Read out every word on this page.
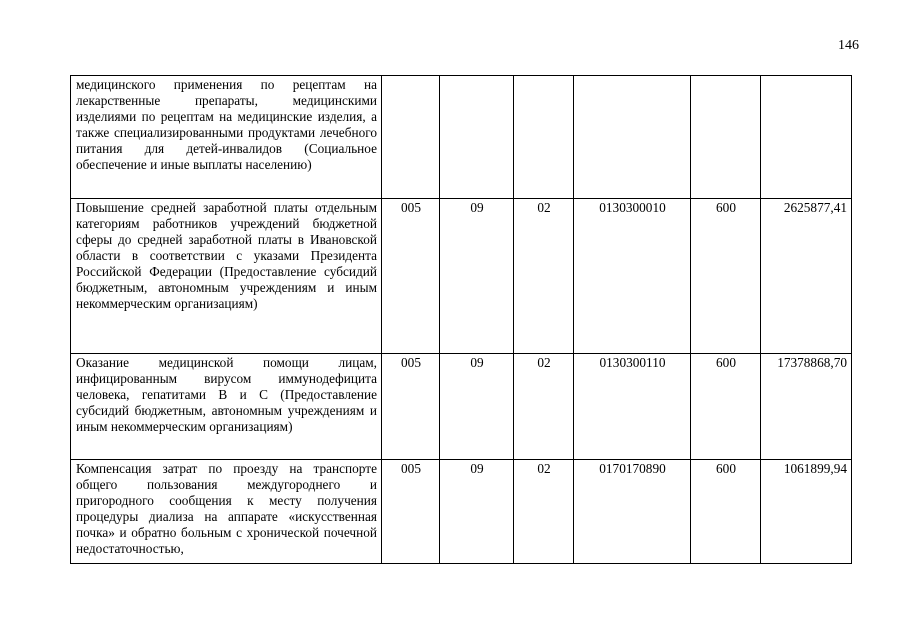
146
медицинского применения по рецептам на лекарственные препараты, медицинскими изделиями по рецептам на медицинские изделия, а также специализированными продуктами лечебного питания для детей-инвалидов (Социальное обеспечение и иные выплаты населению)						
Повышение средней заработной платы отдельным категориям работников учреждений бюджетной сферы до средней заработной платы в Ивановской области в соответствии с указами Президента Российской Федерации (Предоставление субсидий бюджетным, автономным учреждениям и иным некоммерческим организациям)	005	09	02	0130300010	600	2625877,41
Оказание медицинской помощи лицам, инфицированным вирусом иммунодефицита человека, гепатитами В и С (Предоставление субсидий бюджетным, автономным учреждениям и иным некоммерческим организациям)	005	09	02	0130300110	600	17378868,70
Компенсация затрат по проезду на транспорте общего пользования междугороднего и пригородного сообщения к месту получения процедуры диализа на аппарате «искусственная почка» и обратно больным с хронической почечной недостаточностью,	005	09	02	0170170890	600	1061899,94
